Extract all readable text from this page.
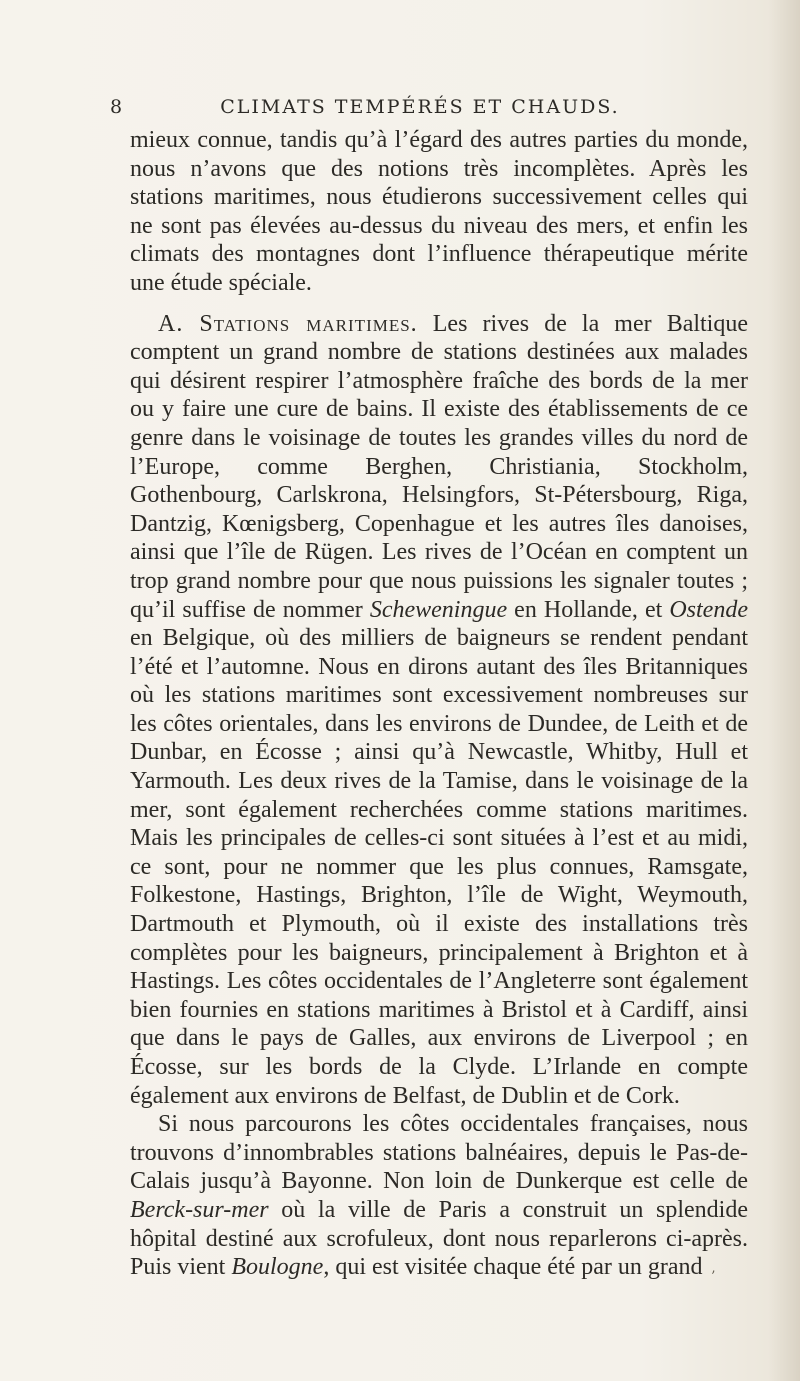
8	CLIMATS TEMPÉRÉS ET CHAUDS.

mieux connue, tandis qu’à l’égard des autres parties du monde, nous n’avons que des notions très incomplètes. Après les stations maritimes, nous étudierons successivement celles qui ne sont pas élevées au-dessus du niveau des mers, et enfin les climats des montagnes dont l’influence thérapeutique mérite une étude spéciale.

A. Stations maritimes. Les rives de la mer Baltique comptent un grand nombre de stations destinées aux malades qui désirent respirer l’atmosphère fraîche des bords de la mer ou y faire une cure de bains. Il existe des établissements de ce genre dans le voisinage de toutes les grandes villes du nord de l’Europe, comme Berghen, Christiania, Stockholm, Gothenbourg, Carlskrona, Helsingfors, St-Pétersbourg, Riga, Dantzig, Kœnigsberg, Copenhague et les autres îles danoises, ainsi que l’île de Rügen. Les rives de l’Océan en comptent un trop grand nombre pour que nous puissions les signaler toutes ; qu’il suffise de nommer Scheweningue en Hollande, et Ostende en Belgique, où des milliers de baigneurs se rendent pendant l’été et l’automne. Nous en dirons autant des îles Britanniques où les stations maritimes sont excessivement nombreuses sur les côtes orientales, dans les environs de Dundee, de Leith et de Dunbar, en Écosse ; ainsi qu’à Newcastle, Whitby, Hull et Yarmouth. Les deux rives de la Tamise, dans le voisinage de la mer, sont également recherchées comme stations maritimes. Mais les principales de celles-ci sont situées à l’est et au midi, ce sont, pour ne nommer que les plus connues, Ramsgate, Folkestone, Hastings, Brighton, l’île de Wight, Weymouth, Dartmouth et Plymouth, où il existe des installations très complètes pour les baigneurs, principalement à Brighton et à Hastings. Les côtes occidentales de l’Angleterre sont également bien fournies en stations maritimes à Bristol et à Cardiff, ainsi que dans le pays de Galles, aux environs de Liverpool ; en Écosse, sur les bords de la Clyde. L’Irlande en compte également aux environs de Belfast, de Dublin et de Cork.

Si nous parcourons les côtes occidentales françaises, nous trouvons d’innombrables stations balnéaires, depuis le Pas-de-Calais jusqu’à Bayonne. Non loin de Dunkerque est celle de Berck-sur-mer où la ville de Paris a construit un splendide hôpital destiné aux scrofuleux, dont nous reparlerons ci-après. Puis vient Boulogne, qui est visitée chaque été par un grand ’
